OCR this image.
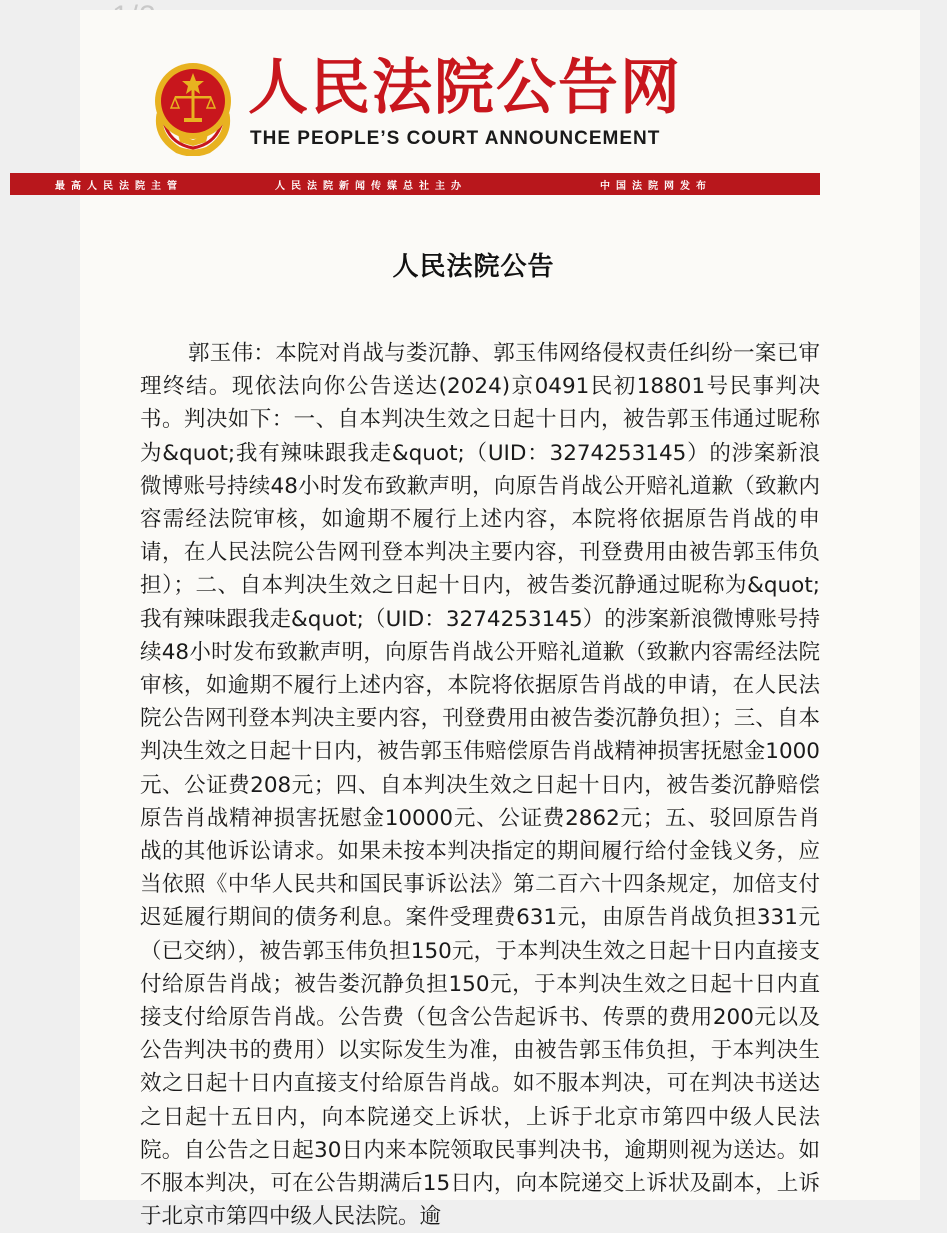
人民法院公告网

THE PEOPLE’S COURT ANNOUNCEMENT

最高人民法院主管	人民法院新闻传媒总社主办	中国法院网发布
人民法院公告

郭玉伟：本院对肖战与娄沉静、郭玉伟网络侵权责任纠纷一案已审理终结。现依法向你公告送达(2024)京0491民初18801号民事判决书。判决如下：一、自本判决生效之日起十日内，被告郭玉伟通过昵称为&quot;我有辣味跟我走&quot;（UID：3274253145）的涉案新浪微博账号持续48小时发布致歉声明，向原告肖战公开赔礼道歉（致歉内容需经法院审核，如逾期不履行上述内容，本院将依据原告肖战的申请，在人民法院公告网刊登本判决主要内容，刊登费用由被告郭玉伟负担）；二、自本判决生效之日起十日内，被告娄沉静通过昵称为&quot;我有辣味跟我走&quot;（UID：3274253145）的涉案新浪微博账号持续48小时发布致歉声明，向原告肖战公开赔礼道歉（致歉内容需经法院审核，如逾期不履行上述内容，本院将依据原告肖战的申请，在人民法院公告网刊登本判决主要内容，刊登费用由被告娄沉静负担）；三、自本判决生效之日起十日内，被告郭玉伟赔偿原告肖战精神损害抚慰金1000元、公证费208元；四、自本判决生效之日起十日内，被告娄沉静赔偿原告肖战精神损害抚慰金10000元、公证费2862元；五、驳回原告肖战的其他诉讼请求。如果未按本判决指定的期间履行给付金钱义务，应当依照《中华人民共和国民事诉讼法》第二百六十四条规定，加倍支付迟延履行期间的债务利息。案件受理费631元，由原告肖战负担331元（已交纳），被告郭玉伟负担150元，于本判决生效之日起十日内直接支付给原告肖战；被告娄沉静负担150元，于本判决生效之日起十日内直接支付给原告肖战。公告费（包含公告起诉书、传票的费用200元以及公告判决书的费用）以实际发生为准，由被告郭玉伟负担，于本判决生效之日起十日内直接支付给原告肖战。如不服本判决，可在判决书送达之日起十五日内，向本院递交上诉状，上诉于北京市第四中级人民法院。自公告之日起30日内来本院领取民事判决书，逾期则视为送达。如不服本判决，可在公告期满后15日内，向本院递交上诉状及副本，上诉于北京市第四中级人民法院。逾
